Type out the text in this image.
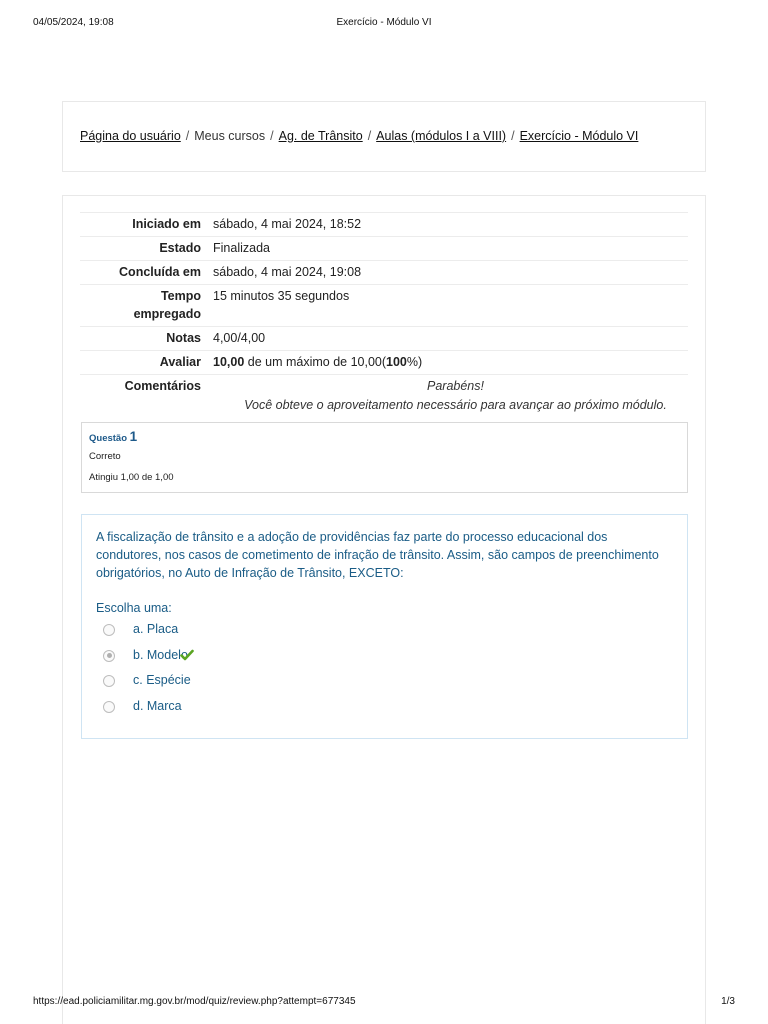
04/05/2024, 19:08	Exercício - Módulo VI
Página do usuário / Meus cursos / Ag. de Trânsito / Aulas (módulos I a VIII) / Exercício - Módulo VI
Iniciado em	sábado, 4 mai 2024, 18:52
Estado	Finalizada
Concluída em	sábado, 4 mai 2024, 19:08
Tempo empregado	15 minutos 35 segundos
Notas	4,00/4,00
Avaliar	10,00 de um máximo de 10,00(100%)
Comentários	Parabéns!
Você obteve o aproveitamento necessário para avançar ao próximo módulo.
Questão 1
Correto
Atingiu 1,00 de 1,00
A fiscalização de trânsito e a adoção de providências faz parte do processo educacional dos condutores, nos casos de cometimento de infração de trânsito. Assim, são campos de preenchimento obrigatórios, no Auto de Infração de Trânsito, EXCETO:
Escolha uma:
a. Placa
b. Modelo
c. Espécie
d. Marca
https://ead.policiamilitar.mg.gov.br/mod/quiz/review.php?attempt=677345	1/3
